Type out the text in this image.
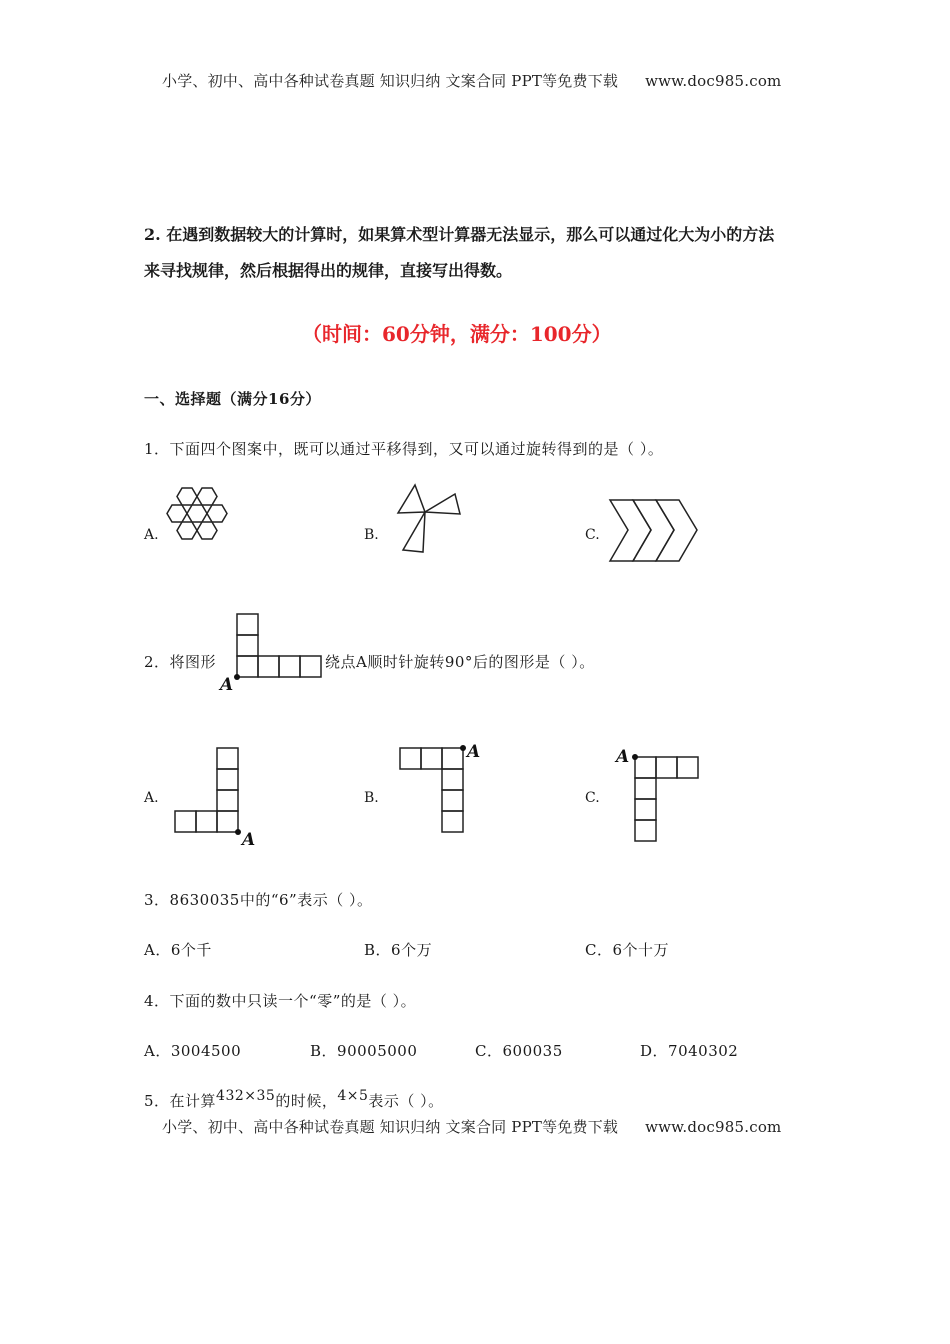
小学、初中、高中各种试卷真题 知识归纳 文案合同 PPT等免费下载 www.doc985.com
2. 在遇到数据较大的计算时，如果算术型计算器无法显示，那么可以通过化大为小的方法
来寻找规律，然后根据得出的规律，直接写出得数。
（时间：60分钟，满分：100分）
一、选择题（满分16分）
1．下面四个图案中，既可以通过平移得到，又可以通过旋转得到的是（ ）。
A.	B.	C.
2．将图形
A
绕点A顺时针旋转90°后的图形是（ ）。
A.
A
B.
A
C.
A
3．8630035中的“6”表示（ ）。
A．6个千	B．6个万	C．6个十万
4．下面的数中只读一个“零”的是（ ）。
A．3004500	B．90005000	C．600035	D．7040302
5．在计算432×35的时候，4×5表示（ ）。
小学、初中、高中各种试卷真题 知识归纳 文案合同 PPT等免费下载 www.doc985.com
